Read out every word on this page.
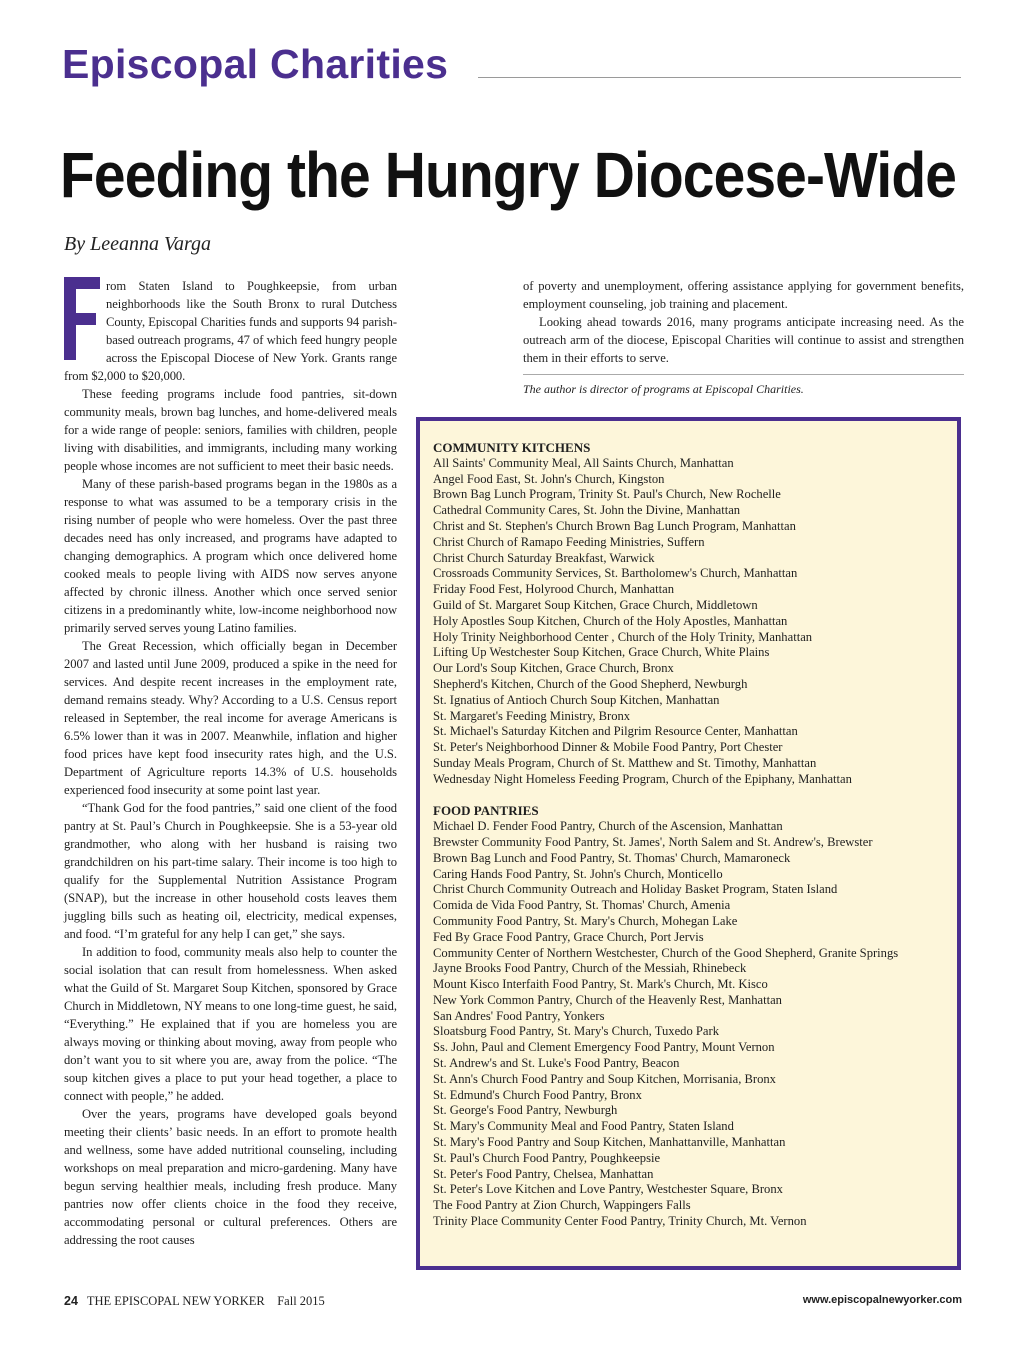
Episcopal Charities
Feeding the Hungry Diocese-Wide
By Leeanna Varga

rom Staten Island to Poughkeepsie, from urban neighborhoods like the South Bronx to rural Dutchess County, Episcopal Charities funds and supports 94 parish-based outreach programs, 47 of which feed hungry people across the Episcopal Diocese of New York. Grants range from $2,000 to $20,000.

These feeding programs include food pantries, sit-down community meals, brown bag lunches, and home-delivered meals for a wide range of people: seniors, families with children, people living with disabilities, and immigrants, including many working people whose incomes are not sufficient to meet their basic needs.

Many of these parish-based programs began in the 1980s as a response to what was assumed to be a temporary crisis in the rising number of people who were homeless. Over the past three decades need has only increased, and programs have adapted to changing demographics. A program which once delivered home cooked meals to people living with AIDS now serves anyone affected by chronic illness. Another which once served senior citizens in a predominantly white, low-income neighborhood now primarily served serves young Latino families.

The Great Recession, which officially began in December 2007 and lasted until June 2009, produced a spike in the need for services. And despite recent increases in the employment rate, demand remains steady. Why? According to a U.S. Census report released in September, the real income for average Americans is 6.5% lower than it was in 2007. Meanwhile, inflation and higher food prices have kept food insecurity rates high, and the U.S. Department of Agriculture reports 14.3% of U.S. households experienced food insecurity at some point last year.

“Thank God for the food pantries,” said one client of the food pantry at St. Paul’s Church in Poughkeepsie. She is a 53-year old grandmother, who along with her husband is raising two grandchildren on his part-time salary. Their income is too high to qualify for the Supplemental Nutrition Assistance Program (SNAP), but the increase in other household costs leaves them juggling bills such as heating oil, electricity, medical expenses, and food. “I’m grateful for any help I can get,” she says.

In addition to food, community meals also help to counter the social isolation that can result from homelessness. When asked what the Guild of St. Margaret Soup Kitchen, sponsored by Grace Church in Middletown, NY means to one long-time guest, he said, “Everything.” He explained that if you are homeless you are always moving or thinking about moving, away from people who don’t want you to sit where you are, away from the police. “The soup kitchen gives a place to put your head together, a place to connect with people,” he added.

Over the years, programs have developed goals beyond meeting their clients’ basic needs. In an effort to promote health and wellness, some have added nutritional counseling, including workshops on meal preparation and micro-gardening. Many have begun serving healthier meals, including fresh produce. Many pantries now offer clients choice in the food they receive, accommodating personal or cultural preferences. Others are addressing the root causes

of poverty and unemployment, offering assistance applying for government benefits, employment counseling, job training and placement.

Looking ahead towards 2016, many programs anticipate increasing need. As the outreach arm of the diocese, Episcopal Charities will continue to assist and strengthen them in their efforts to serve.

The author is director of programs at Episcopal Charities.
COMMUNITY KITCHENS
All Saints' Community Meal, All Saints Church, Manhattan
Angel Food East, St. John's Church, Kingston
Brown Bag Lunch Program, Trinity St. Paul's Church, New Rochelle
Cathedral Community Cares, St. John the Divine, Manhattan
Christ and St. Stephen's Church Brown Bag Lunch Program, Manhattan
Christ Church of Ramapo Feeding Ministries, Suffern
Christ Church Saturday Breakfast, Warwick
Crossroads Community Services, St. Bartholomew's Church, Manhattan
Friday Food Fest, Holyrood Church, Manhattan
Guild of St. Margaret Soup Kitchen, Grace Church, Middletown
Holy Apostles Soup Kitchen, Church of the Holy Apostles, Manhattan
Holy Trinity Neighborhood Center , Church of the Holy Trinity, Manhattan
Lifting Up Westchester Soup Kitchen, Grace Church, White Plains
Our Lord's Soup Kitchen, Grace Church, Bronx
Shepherd's Kitchen, Church of the Good Shepherd, Newburgh
St. Ignatius of Antioch Church Soup Kitchen, Manhattan
St. Margaret's Feeding Ministry, Bronx
St. Michael's Saturday Kitchen and Pilgrim Resource Center, Manhattan
St. Peter's Neighborhood Dinner & Mobile Food Pantry, Port Chester
Sunday Meals Program, Church of St. Matthew and St. Timothy, Manhattan
Wednesday Night Homeless Feeding Program, Church of the Epiphany, Manhattan
FOOD PANTRIES
Michael D. Fender Food Pantry, Church of the Ascension, Manhattan
Brewster Community Food Pantry, St. James', North Salem and St. Andrew's, Brewster
Brown Bag Lunch and Food Pantry, St. Thomas' Church, Mamaroneck
Caring Hands Food Pantry, St. John's Church, Monticello
Christ Church Community Outreach and Holiday Basket Program, Staten Island
Comida de Vida Food Pantry, St. Thomas' Church, Amenia
Community Food Pantry, St. Mary's Church, Mohegan Lake
Fed By Grace Food Pantry, Grace Church, Port Jervis
Community Center of Northern Westchester, Church of the Good Shepherd, Granite Springs
Jayne Brooks Food Pantry, Church of the Messiah, Rhinebeck
Mount Kisco Interfaith Food Pantry, St. Mark's Church, Mt. Kisco
New York Common Pantry, Church of the Heavenly Rest, Manhattan
San Andres' Food Pantry, Yonkers
Sloatsburg Food Pantry, St. Mary's Church, Tuxedo Park
Ss. John, Paul and Clement Emergency Food Pantry, Mount Vernon
St. Andrew's and St. Luke's Food Pantry, Beacon
St. Ann's Church Food Pantry and Soup Kitchen, Morrisania, Bronx
St. Edmund's Church Food Pantry, Bronx
St. George's Food Pantry, Newburgh
St. Mary's Community Meal and Food Pantry, Staten Island
St. Mary's Food Pantry and Soup Kitchen, Manhattanville, Manhattan
St. Paul's Church Food Pantry, Poughkeepsie
St. Peter's Food Pantry, Chelsea, Manhattan
St. Peter's Love Kitchen and Love Pantry, Westchester Square, Bronx
The Food Pantry at Zion Church, Wappingers Falls
Trinity Place Community Center Food Pantry, Trinity Church, Mt. Vernon
24 THE EPISCOPAL NEW YORKER Fall 2015	www.episcopalnewyorker.com
